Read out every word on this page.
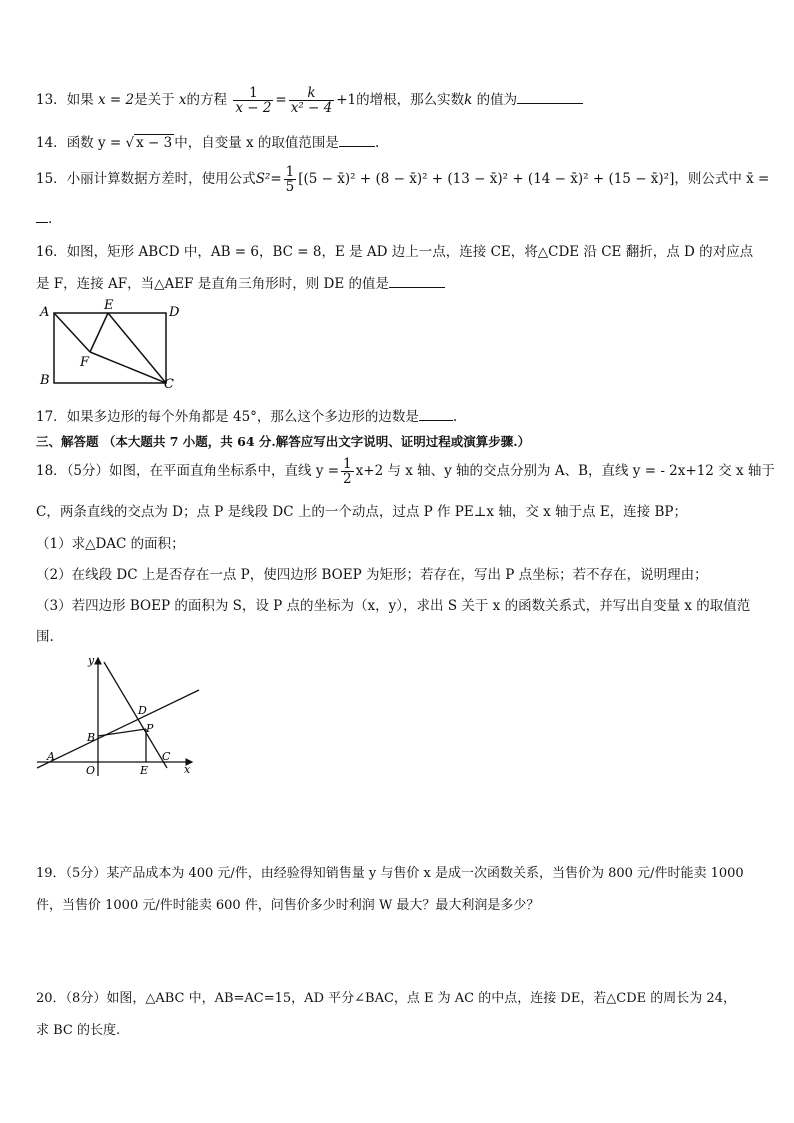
13．如果 x = 2是关于 x的方程 $\frac{1}{x - 2} = \frac{k}{\text{x² − 4}} +1$的增根，那么实数k 的值为
14．函数 y = √ x − 3 中，自变量 x 的取值范围是	.
15．小丽计算数据方差时，使用公式$S^2= \frac{1}{5} [(5$ − x̄)² + (8 − x̄)² + (13 − x̄)² + (14 − x̄)² + (15 − x̄)²]，则公式中 x̄ =
.
16．如图，矩形 ABCD 中，AB = 6，BC = 8，E 是 AD 边上一点，连接 CE，将△CDE 沿 CE 翻折，点 D 的对应点
是 F，连接 AF，当△AEF 是直角三角形时，则 DE 的值是
A	E	D
F
B	C
17．如果多边形的每个外角都是 45°，那么这个多边形的边数是	.
三、解答题 （本大题共 7 小题，共 64 分.解答应写出文字说明、证明过程或演算步骤.）
18．（5分）如图，在平面直角坐标系中，直线 $y = \frac{1}{2} x+2$ 与 x 轴、y 轴的交点分别为 A、B，直线 y = - 2x+12 交 x 轴于
C，两条直线的交点为 D；点 P 是线段 DC 上的一个动点，过点 P 作 PE⊥x 轴，交 x 轴于点 E，连接 BP；
（1）求△DAC 的面积；
（2）在线段 DC 上是否存在一点 P，使四边形 BOEP 为矩形；若存在，写出 P 点坐标；若不存在，说明理由；
（3）若四边形 BOEP 的面积为 S，设 P 点的坐标为（x，y），求出 S 关于 x 的函数关系式，并写出自变量 x 的取值范
围.
y
x
D
B
P
A	C
O	E
19．（5分）某产品成本为 400 元/件，由经验得知销售量 y 与售价 x 是成一次函数关系，当售价为 800 元/件时能卖 1000
件，当售价 1000 元/件时能卖 600 件，问售价多少时利润 W 最大？最大利润是多少？
20．（8分）如图，△ABC 中，AB=AC=15，AD 平分∠BAC，点 E 为 AC 的中点，连接 DE，若△CDE 的周长为 24，
求 BC 的长度.
